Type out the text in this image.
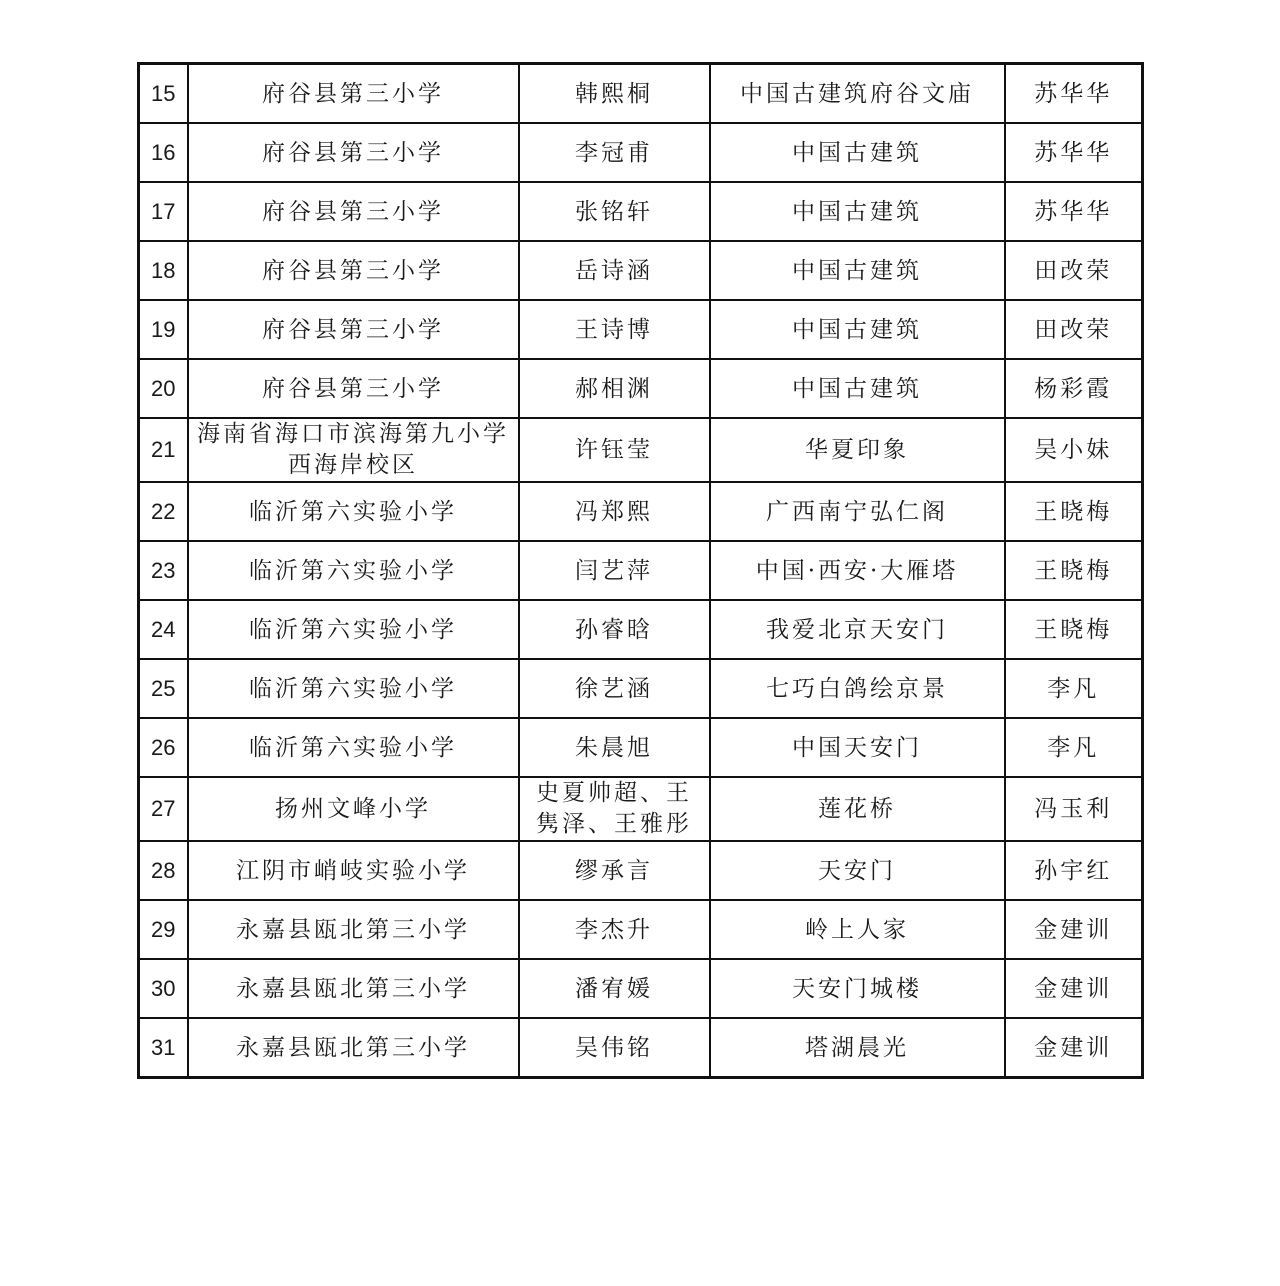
15	府谷县第三小学	韩熙桐	中国古建筑府谷文庙	苏华华
16	府谷县第三小学	李冠甫	中国古建筑	苏华华
17	府谷县第三小学	张铭轩	中国古建筑	苏华华
18	府谷县第三小学	岳诗涵	中国古建筑	田改荣
19	府谷县第三小学	王诗博	中国古建筑	田改荣
20	府谷县第三小学	郝相渊	中国古建筑	杨彩霞
21	海南省海口市滨海第九小学西海岸校区	许钰莹	华夏印象	吴小妹
22	临沂第六实验小学	冯郑熙	广西南宁弘仁阁	王晓梅
23	临沂第六实验小学	闫艺萍	中国·西安·大雁塔	王晓梅
24	临沂第六实验小学	孙睿晗	我爱北京天安门	王晓梅
25	临沂第六实验小学	徐艺涵	七巧白鸽绘京景	李凡
26	临沂第六实验小学	朱晨旭	中国天安门	李凡
27	扬州文峰小学	史夏帅超、王隽泽、王雅彤	莲花桥	冯玉利
28	江阴市峭岐实验小学	缪承言	天安门	孙宇红
29	永嘉县瓯北第三小学	李杰升	岭上人家	金建训
30	永嘉县瓯北第三小学	潘宥媛	天安门城楼	金建训
31	永嘉县瓯北第三小学	吴伟铭	塔湖晨光	金建训
